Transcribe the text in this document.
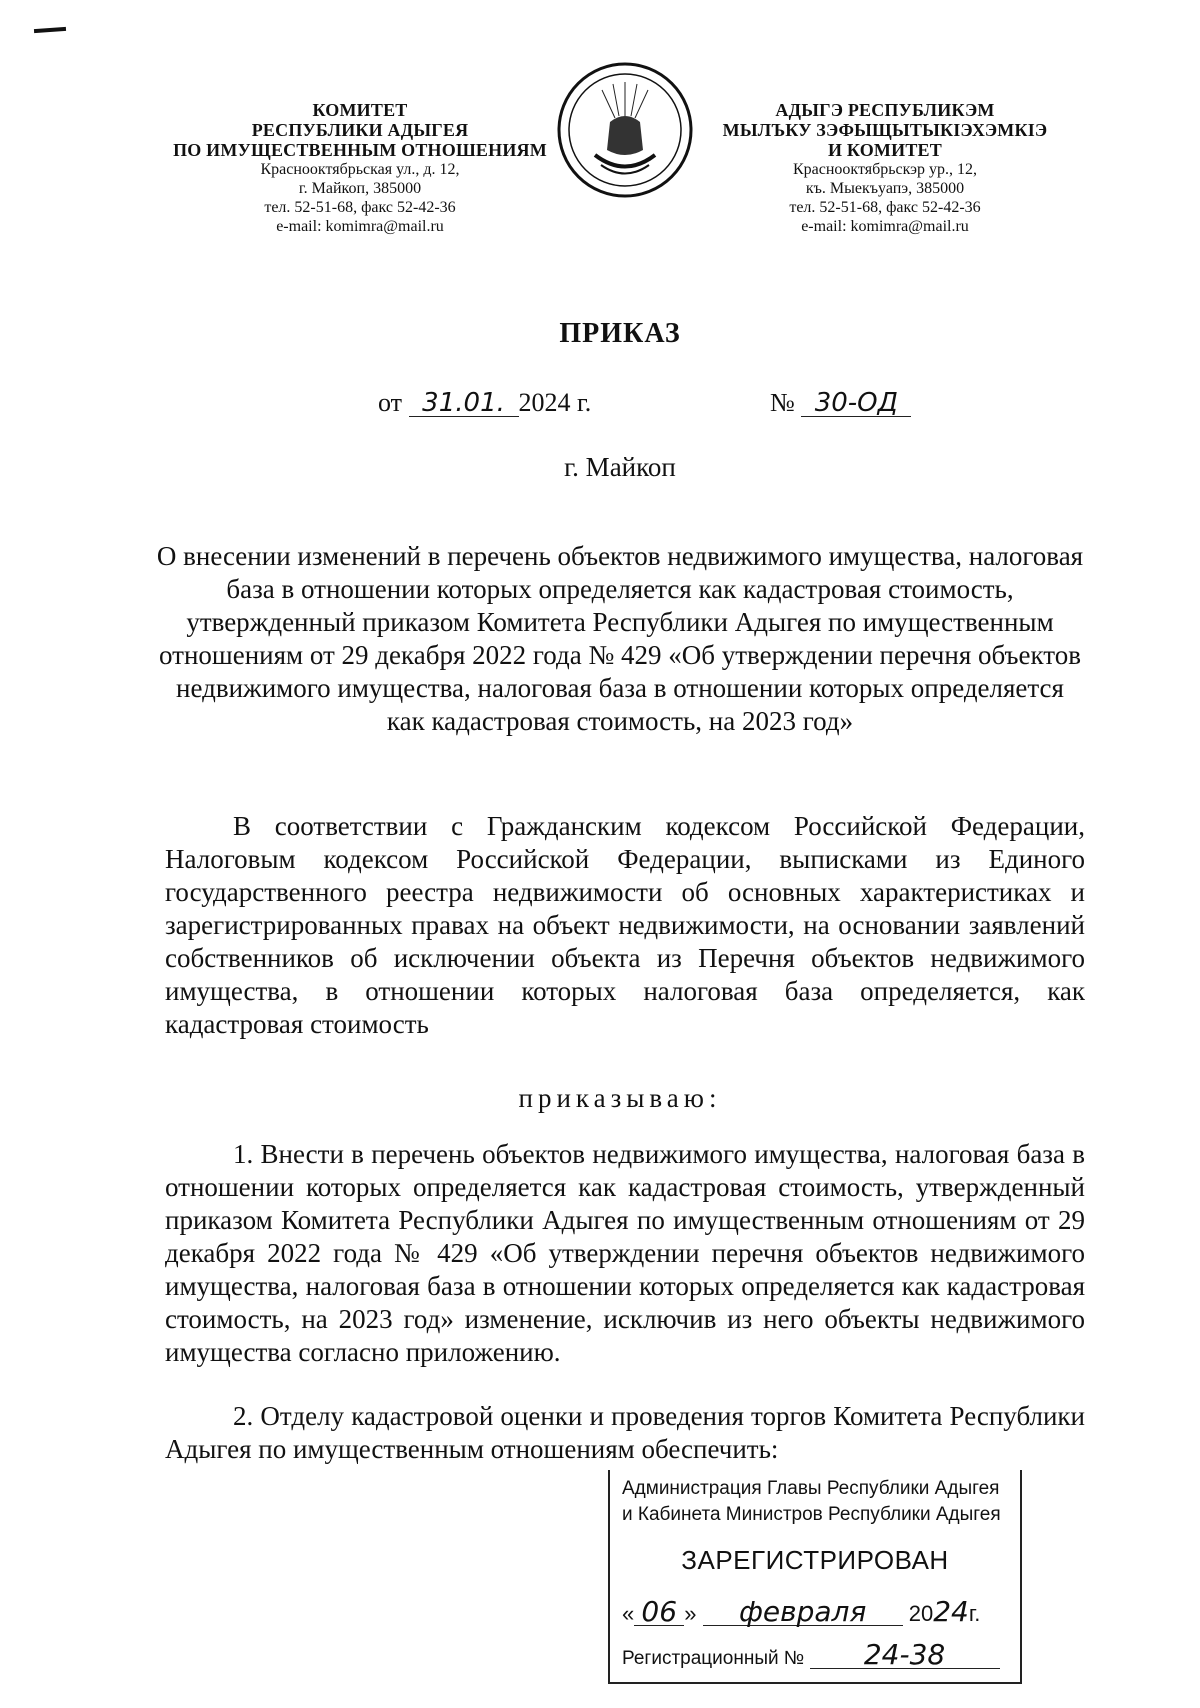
КОМИТЕТ
РЕСПУБЛИКИ АДЫГЕЯ
ПО ИМУЩЕСТВЕННЫМ ОТНОШЕНИЯМ
Красноoктябрьская ул., д. 12,
г. Майкоп, 385000
тел. 52-51-68, факс 52-42-36
e-mail: komimra@mail.ru
АДЫГЭ РЕСПУБЛИКЭМ
МЫЛЪКУ ЗЭФЫЩЫТЫКIЭХЭМКIЭ
И КОМИТЕТ
Краснooктябрьскэр ур., 12,
къ. Мыекъуапэ, 385000
тел. 52-51-68, факс 52-42-36
e-mail: komimra@mail.ru
ПРИКАЗ
от 31.01. 2024 г.	№ 30-ОД
г. Майкоп
О внесении изменений в перечень объектов недвижимого имущества, налоговая база в отношении которых определяется как кадастровая стоимость, утвержденный приказом Комитета Республики Адыгея по имущественным отношениям от 29 декабря 2022 года № 429 «Об утверждении перечня объектов недвижимого имущества, налоговая база в отношении которых определяется как кадастровая стоимость, на 2023 год»
В соответствии с Гражданским кодексом Российской Федерации, Налоговым кодексом Российской Федерации, выписками из Единого государственного реестра недвижимости об основных характеристиках и зарегистрированных правах на объект недвижимости, на основании заявлений собственников об исключении объекта из Перечня объектов недвижимого имущества, в отношении которых налоговая база определяется, как кадастровая стоимость
приказываю:
1. Внести в перечень объектов недвижимого имущества, налоговая база в отношении которых определяется как кадастровая стоимость, утвержденный приказом Комитета Республики Адыгея по имущественным отношениям от 29 декабря 2022 года № 429 «Об утверждении перечня объектов недвижимого имущества, налоговая база в отношении которых определяется как кадастровая стоимость, на 2023 год» изменение, исключив из него объекты недвижимого имущества согласно приложению.
2. Отделу кадастровой оценки и проведения торгов Комитета Республики Адыгея по имущественным отношениям обеспечить:
Администрация Главы Республики Адыгея
и Кабинета Министров Республики Адыгея
ЗАРЕГИСТРИРОВАН
« 06 » февраля 2024г.
Регистрационный № 24-38
